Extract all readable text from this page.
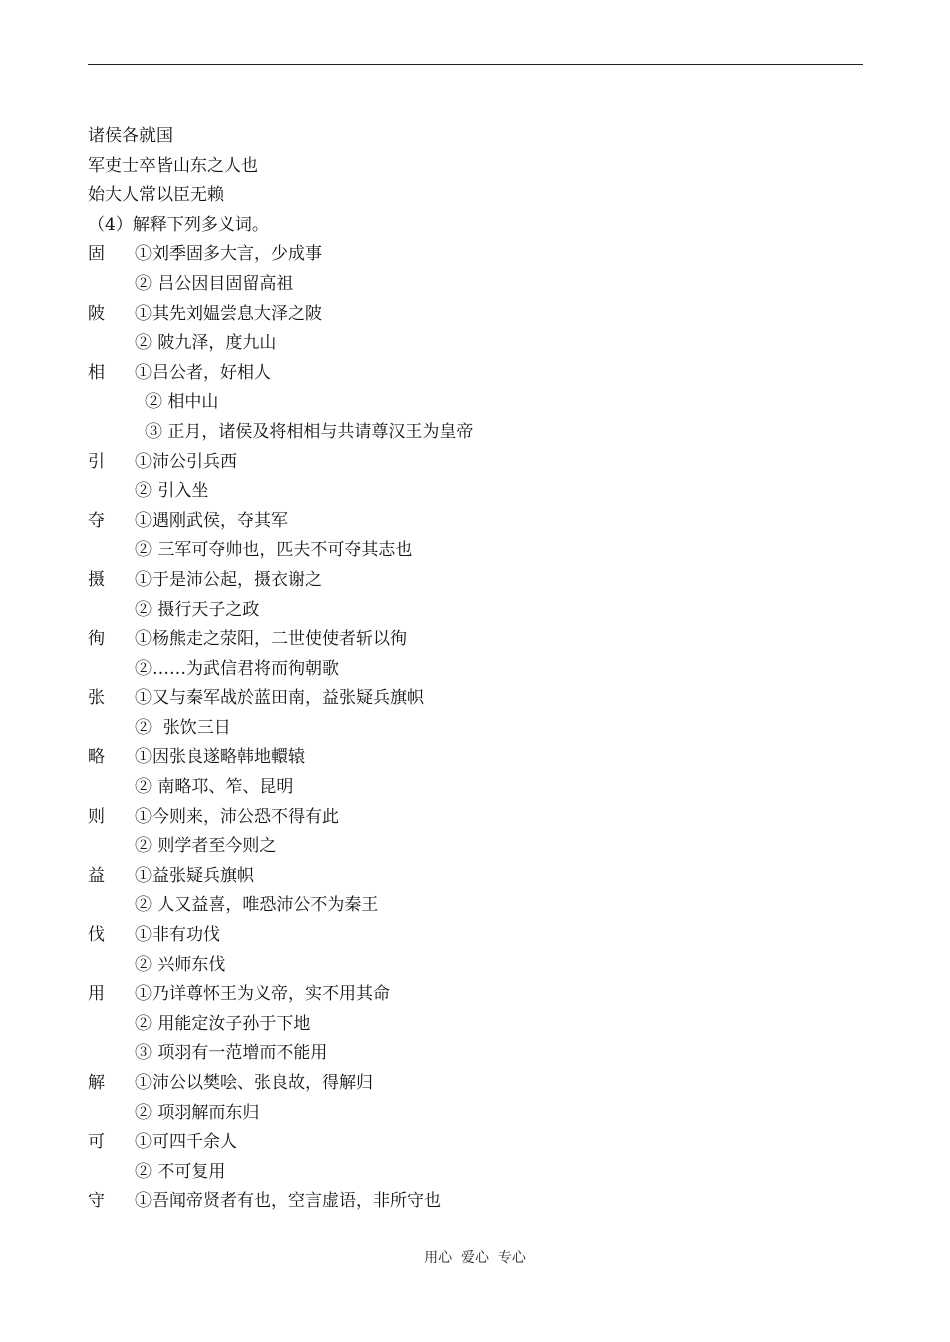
诸侯各就国
军吏士卒皆山东之人也
始大人常以臣无赖
（4）解释下列多义词。
固 ①刘季固多大言，少成事
② 吕公因目固留高祖
陂 ①其先刘媪尝息大泽之陂
② 陂九泽，度九山
相 ①吕公者，好相人
② 相中山
③ 正月，诸侯及将相相与共请尊汉王为皇帝
引 ①沛公引兵西
② 引入坐
夺 ①遇刚武侯，夺其军
② 三军可夺帅也，匹夫不可夺其志也
摄 ①于是沛公起，摄衣谢之
② 摄行天子之政
徇 ①杨熊走之荥阳，二世使使者斩以徇
②……为武信君将而徇朝歌
张 ①又与秦军战於蓝田南，益张疑兵旗帜
②  张饮三日
略 ①因张良遂略韩地轘辕
② 南略邛、笮、昆明
则 ①今则来，沛公恐不得有此
② 则学者至今则之
益 ①益张疑兵旗帜
② 人又益喜，唯恐沛公不为秦王
伐 ①非有功伐
② 兴师东伐
用 ①乃详尊怀王为义帝，实不用其命
② 用能定汝子孙于下地
③ 项羽有一范增而不能用
解 ①沛公以樊哙、张良故，得解归
② 项羽解而东归
可 ①可四千余人
② 不可复用
守 ①吾闻帝贤者有也，空言虚语，非所守也
用心  爱心  专心
